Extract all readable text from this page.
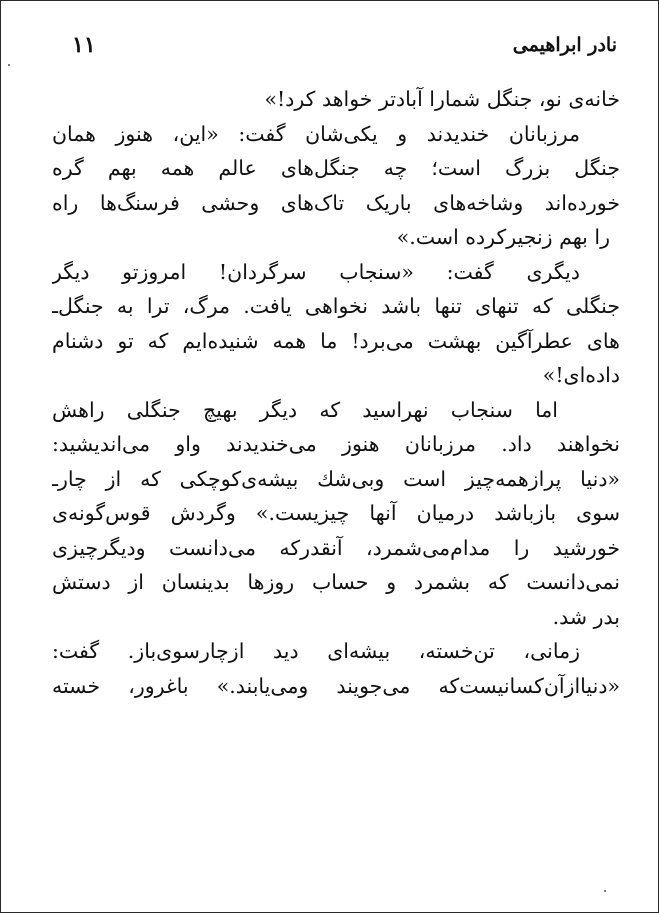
نادر ابراهیمی
۱۱
خانه‌ی نو، جنگل شمارا آبادتر خواهد کرد!»
مرزبانان خندیدند و یکی‌شان گفت: «این، هنوز همان
جنگل بزرگ است؛ چه جنگل‌های عالم همه بهم گره
خورده‌اند وشاخه‌های باریک تاک‌های وحشی فرسنگ‌ها راه
را بهم زنجیرکرده است.»
دیگری گفت: «سنجاب سرگردان! امروزتو دیگر
جنگلی که تنهای تنها باشد نخواهی یافت. مرگ، ترا به جنگل‌ـ
های عطرآگین بهشت می‌برد! ما همه شنیده‌ایم که تو دشنام
داده‌ای!»
اما سنجاب نهراسید که دیگر بهیچ جنگلی راهش
نخواهند داد. مرزبانان هنوز می‌خندیدند واو می‌اندیشید:
«دنیا پرازهمه‌چیز است وبی‌شك بیشه‌ی‌کوچکی که از چارـ
سوی بازباشد درمیان آنها چیزیست.» وگردش قوس‌گونه‌ی
خورشید را مدام‌می‌شمرد، آنقدرکه می‌دانست ودیگرچیزی
نمی‌دانست که بشمرد و حساب روزها بدینسان از دستش
بدر شد.
زمانی، تن‌خسته، بیشه‌ای دید ازچارسوی‌باز. گفت:
«دنیاازآن‌کسانیست‌که می‌جویند ومی‌یابند.» باغرور، خسته
